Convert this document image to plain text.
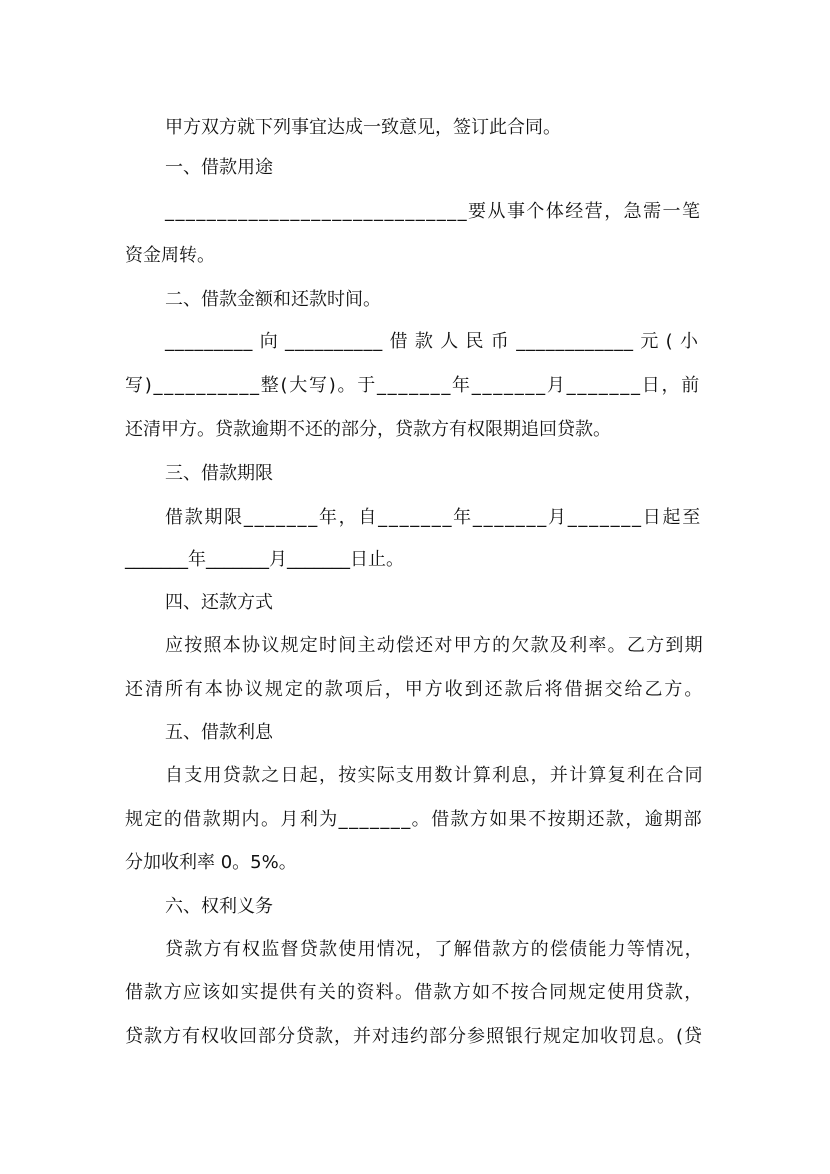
甲方双方就下列事宜达成一致意见，签订此合同。
一、借款用途
_____________________________要从事个体经营，急需一笔
资金周转。
二、借款金额和还款时间。
_________ 向 __________ 借 款 人 民 币 ____________ 元 ( 小
写)__________整(大写)。于_______年_______月_______日，前
还清甲方。贷款逾期不还的部分，贷款方有权限期追回贷款。
三、借款期限
借款期限_______年，自_______年_______月_______日起至
_______年_______月_______日止。
四、还款方式
应按照本协议规定时间主动偿还对甲方的欠款及利率。乙方到期
还清所有本协议规定的款项后，甲方收到还款后将借据交给乙方。
五、借款利息
自支用贷款之日起，按实际支用数计算利息，并计算复利在合同
规定的借款期内。月利为_______。借款方如果不按期还款，逾期部
分加收利率 0。5%。
六、权利义务
贷款方有权监督贷款使用情况，了解借款方的偿债能力等情况，
借款方应该如实提供有关的资料。借款方如不按合同规定使用贷款，
贷款方有权收回部分贷款，并对违约部分参照银行规定加收罚息。(贷
